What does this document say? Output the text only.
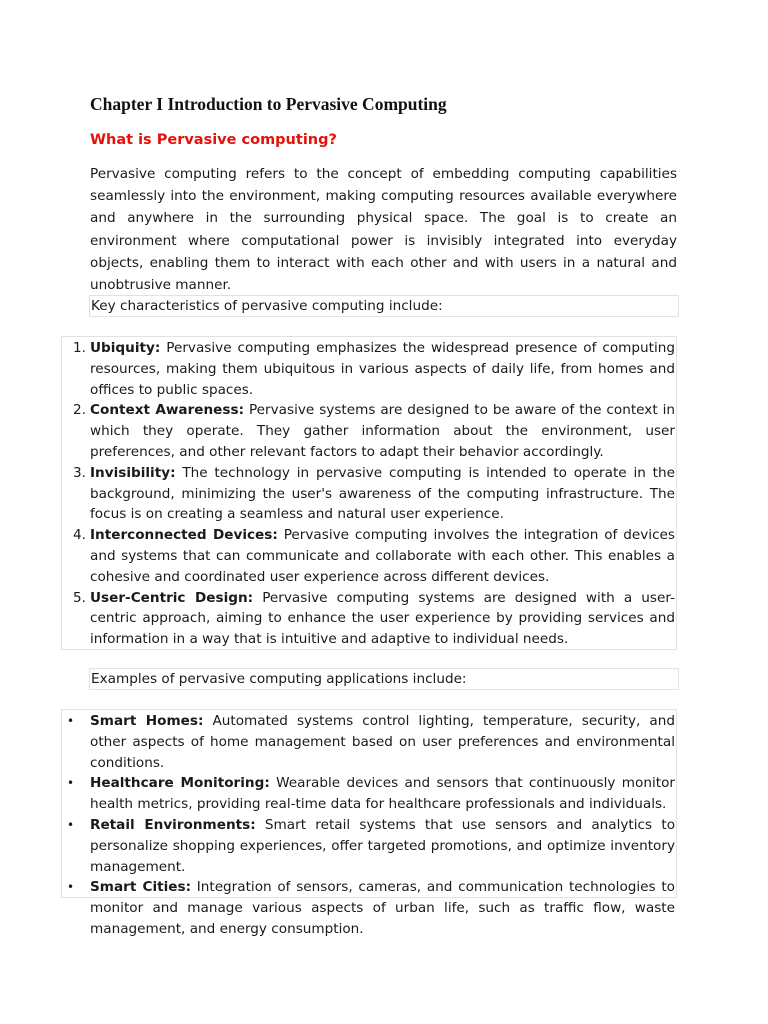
Chapter I Introduction to Pervasive Computing
What is Pervasive computing?

Pervasive computing refers to the concept of embedding computing capabilities seamlessly into the environment, making computing resources available everywhere and anywhere in the surrounding physical space. The goal is to create an environment where computational power is invisibly integrated into everyday objects, enabling them to interact with each other and with users in a natural and unobtrusive manner.

Key characteristics of pervasive computing include:
1. Ubiquity: Pervasive computing emphasizes the widespread presence of computing resources, making them ubiquitous in various aspects of daily life, from homes and offices to public spaces.
2. Context Awareness: Pervasive systems are designed to be aware of the context in which they operate. They gather information about the environment, user preferences, and other relevant factors to adapt their behavior accordingly.
3. Invisibility: The technology in pervasive computing is intended to operate in the background, minimizing the user's awareness of the computing infrastructure. The focus is on creating a seamless and natural user experience.
4. Interconnected Devices: Pervasive computing involves the integration of devices and systems that can communicate and collaborate with each other. This enables a cohesive and coordinated user experience across different devices.
5. User-Centric Design: Pervasive computing systems are designed with a user-centric approach, aiming to enhance the user experience by providing services and information in a way that is intuitive and adaptive to individual needs.
Examples of pervasive computing applications include:
• Smart Homes: Automated systems control lighting, temperature, security, and other aspects of home management based on user preferences and environmental conditions.
• Healthcare Monitoring: Wearable devices and sensors that continuously monitor health metrics, providing real-time data for healthcare professionals and individuals.
• Retail Environments: Smart retail systems that use sensors and analytics to personalize shopping experiences, offer targeted promotions, and optimize inventory management.
• Smart Cities: Integration of sensors, cameras, and communication technologies to monitor and manage various aspects of urban life, such as traffic flow, waste management, and energy consumption.
